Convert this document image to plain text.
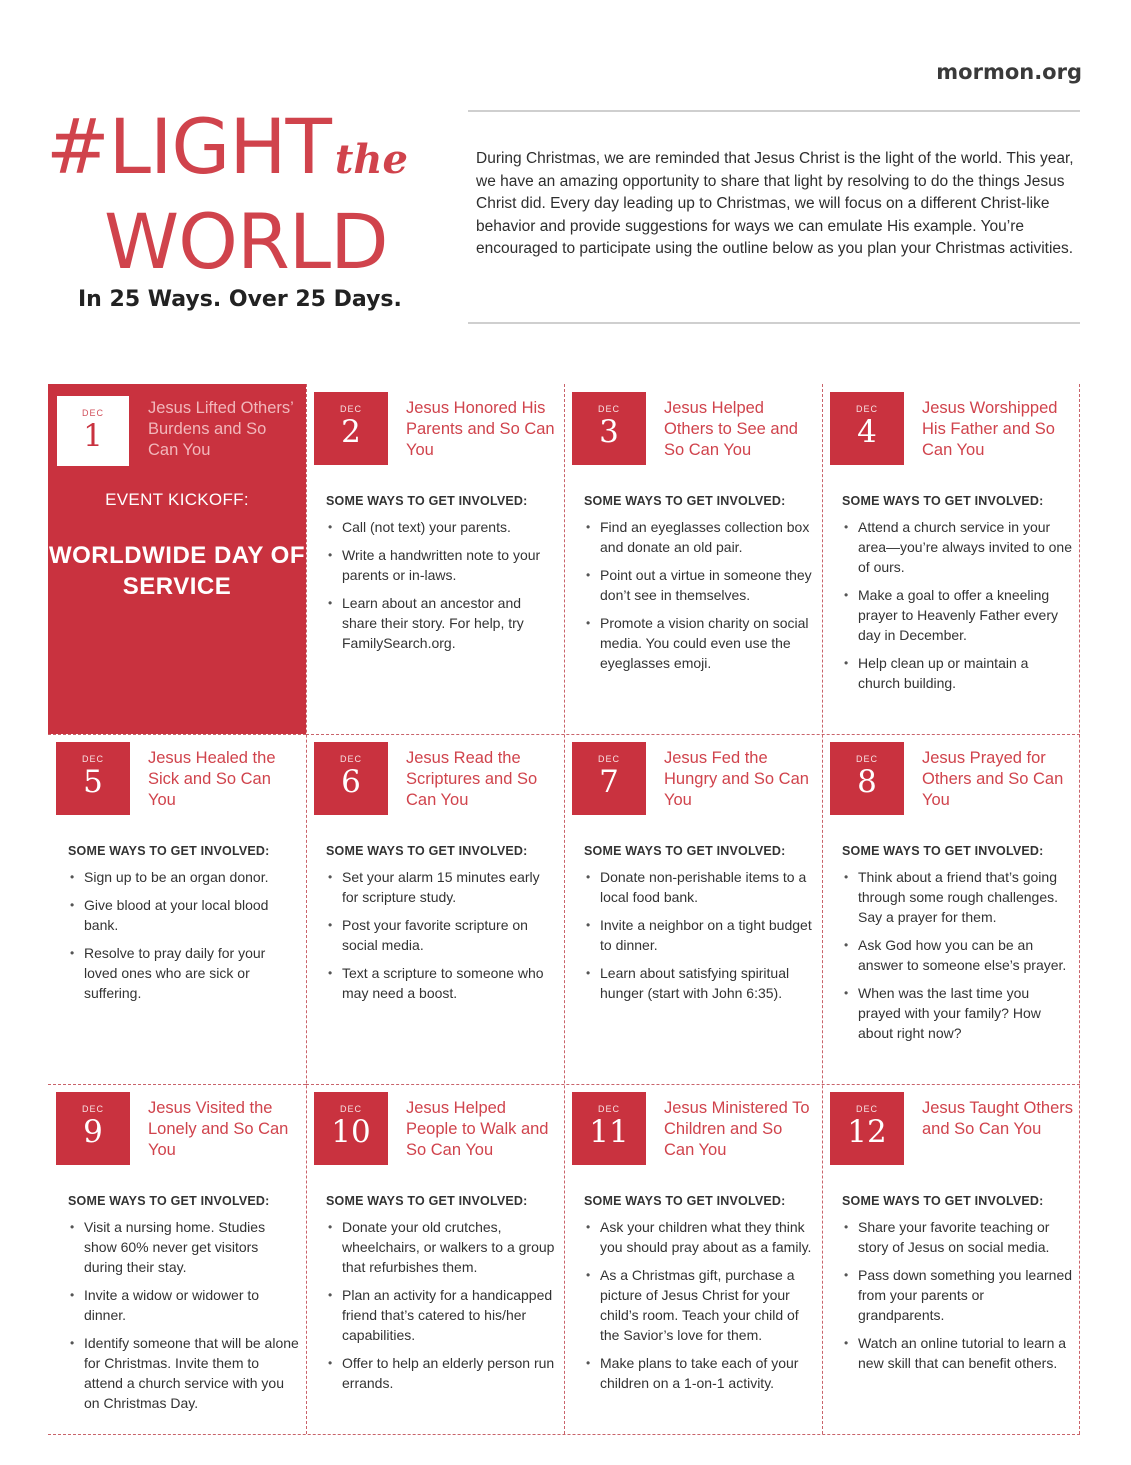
mormon.org
#LIGHT the
WORLD
In 25 Ways. Over 25 Days.

During Christmas, we are reminded that Jesus Christ is the light of the world. This year, we have an amazing opportunity to share that light by resolving to do the things Jesus Christ did. Every day leading up to Christmas, we will focus on a different Christ-like behavior and provide suggestions for ways we can emulate His example. You’re encouraged to participate using the outline below as you plan your Christmas activities.

DEC
1
Jesus Lifted Others’ Burdens and So Can You
EVENT KICKOFF:
WORLDWIDE DAY OF SERVICE
DEC
2
Jesus Honored His Parents and So Can You
SOME WAYS TO GET INVOLVED:
• Call (not text) your parents.
• Write a handwritten note to your parents or in-laws.
• Learn about an ancestor and share their story. For help, try FamilySearch.org.
DEC
3
Jesus Helped Others to See and So Can You
SOME WAYS TO GET INVOLVED:
• Find an eyeglasses collection box and donate an old pair.
• Point out a virtue in someone they don’t see in themselves.
• Promote a vision charity on social media. You could even use the eyeglasses emoji.
DEC
4
Jesus Worshipped His Father and So Can You
SOME WAYS TO GET INVOLVED:
• Attend a church service in your area—you’re always invited to one of ours.
• Make a goal to offer a kneeling prayer to Heavenly Father every day in December.
• Help clean up or maintain a church building.
DEC
5
Jesus Healed the Sick and So Can You
SOME WAYS TO GET INVOLVED:
• Sign up to be an organ donor.
• Give blood at your local blood bank.
• Resolve to pray daily for your loved ones who are sick or suffering.
DEC
6
Jesus Read the Scriptures and So Can You
SOME WAYS TO GET INVOLVED:
• Set your alarm 15 minutes early for scripture study.
• Post your favorite scripture on social media.
• Text a scripture to someone who may need a boost.
DEC
7
Jesus Fed the Hungry and So Can You
SOME WAYS TO GET INVOLVED:
• Donate non-perishable items to a local food bank.
• Invite a neighbor on a tight budget to dinner.
• Learn about satisfying spiritual hunger (start with John 6:35).
DEC
8
Jesus Prayed for Others and So Can You
SOME WAYS TO GET INVOLVED:
• Think about a friend that’s going through some rough challenges. Say a prayer for them.
• Ask God how you can be an answer to someone else’s prayer.
• When was the last time you prayed with your family? How about right now?
DEC
9
Jesus Visited the Lonely and So Can You
SOME WAYS TO GET INVOLVED:
• Visit a nursing home. Studies show 60% never get visitors during their stay.
• Invite a widow or widower to dinner.
• Identify someone that will be alone for Christmas. Invite them to attend a church service with you on Christmas Day.
DEC
10
Jesus Helped People to Walk and So Can You
SOME WAYS TO GET INVOLVED:
• Donate your old crutches, wheelchairs, or walkers to a group that refurbishes them.
• Plan an activity for a handicapped friend that’s catered to his/her capabilities.
• Offer to help an elderly person run errands.
DEC
11
Jesus Ministered To Children and So Can You
SOME WAYS TO GET INVOLVED:
• Ask your children what they think you should pray about as a family.
• As a Christmas gift, purchase a picture of Jesus Christ for your child’s room. Teach your child of the Savior’s love for them.
• Make plans to take each of your children on a 1-on-1 activity.
DEC
12
Jesus Taught Others and So Can You
SOME WAYS TO GET INVOLVED:
• Share your favorite teaching or story of Jesus on social media.
• Pass down something you learned from your parents or grandparents.
• Watch an online tutorial to learn a new skill that can benefit others.
